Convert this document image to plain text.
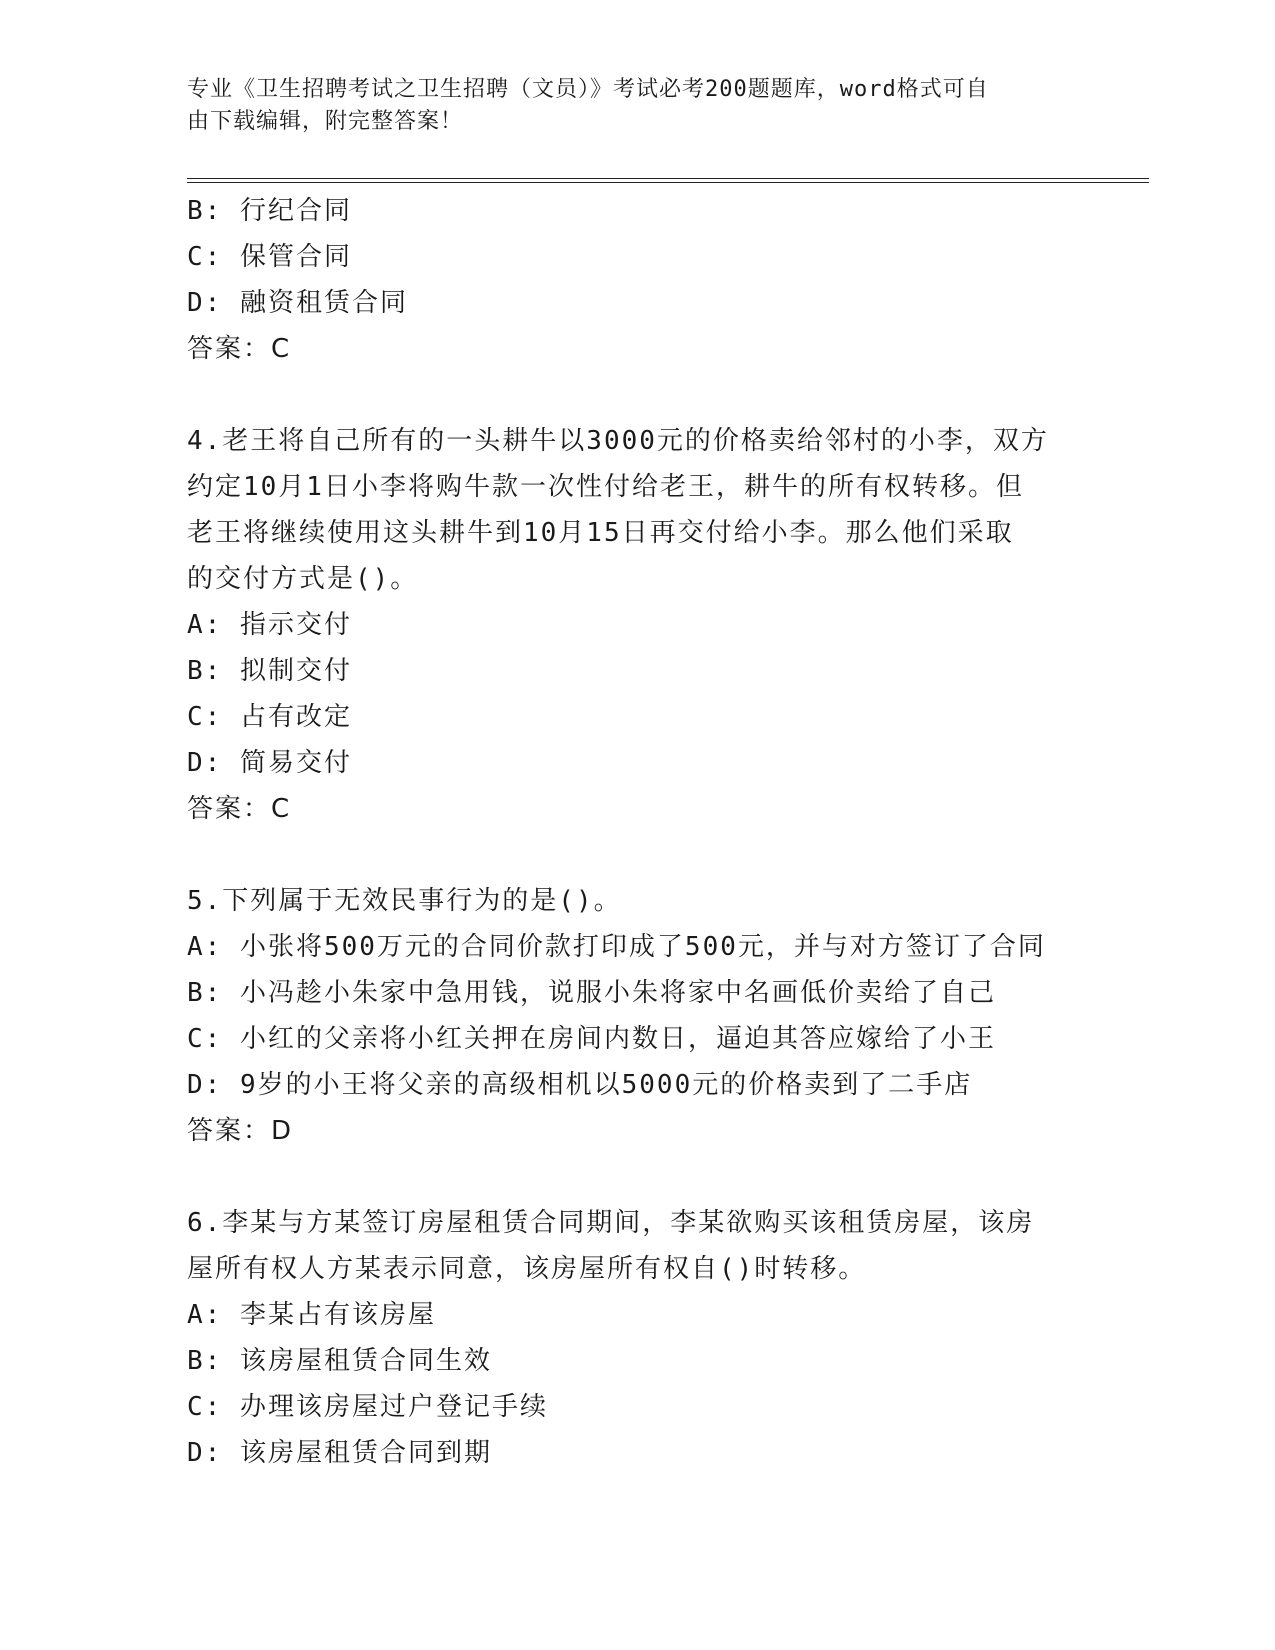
专业《卫生招聘考试之卫生招聘（文员）》考试必考200题题库，word格式可自
由下载编辑，附完整答案！
B: 行纪合同
C: 保管合同
D: 融资租赁合同
答案：C
4.老王将自己所有的一头耕牛以3000元的价格卖给邻村的小李，双方
约定10月1日小李将购牛款一次性付给老王，耕牛的所有权转移。但
老王将继续使用这头耕牛到10月15日再交付给小李。那么他们采取
的交付方式是()。
A: 指示交付
B: 拟制交付
C: 占有改定
D: 简易交付
答案：C
5.下列属于无效民事行为的是()。
A: 小张将500万元的合同价款打印成了500元，并与对方签订了合同
B: 小冯趁小朱家中急用钱，说服小朱将家中名画低价卖给了自己
C: 小红的父亲将小红关押在房间内数日，逼迫其答应嫁给了小王
D: 9岁的小王将父亲的高级相机以5000元的价格卖到了二手店
答案：D
6.李某与方某签订房屋租赁合同期间，李某欲购买该租赁房屋，该房
屋所有权人方某表示同意，该房屋所有权自()时转移。
A: 李某占有该房屋
B: 该房屋租赁合同生效
C: 办理该房屋过户登记手续
D: 该房屋租赁合同到期
